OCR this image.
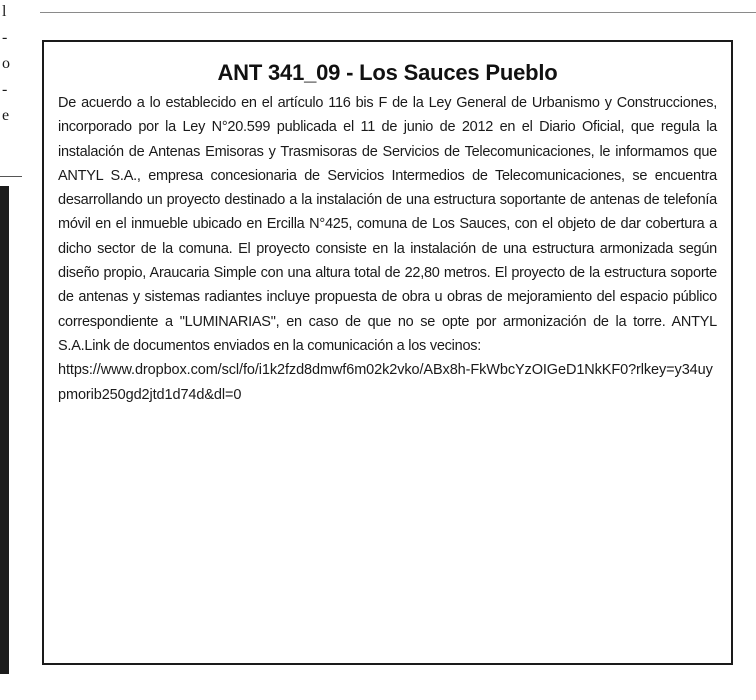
l
-
o
-
e
ANT 341_09 - Los Sauces Pueblo

De acuerdo a lo establecido en el artículo 116 bis F de la Ley General de Urbanismo y Construcciones, incorporado por la Ley N°20.599 publicada el 11 de junio de 2012 en el Diario Oficial, que regula la instalación de Antenas Emisoras y Trasmisoras de Servicios de Telecomunicaciones, le informamos que ANTYL S.A., empresa concesionaria de Servicios Intermedios de Telecomunicaciones, se encuentra desarrollando un proyecto destinado a la instalación de una estructura soportante de antenas de telefonía móvil en el inmueble ubicado en Ercilla N°425, comuna de Los Sauces, con el objeto de dar cobertura a dicho sector de la comuna. El proyecto consiste en la instalación de una estructura armonizada según diseño propio, Araucaria Simple con una altura total de 22,80 metros. El proyecto de la estructura soporte de antenas y sistemas radiantes incluye propuesta de obra u obras de mejoramiento del espacio público correspondiente a "LUMINARIAS", en caso de que no se opte por armonización de la torre. ANTYL S.A.Link de documentos enviados en la comunicación a los vecinos:

https://www.dropbox.com/scl/fo/i1k2fzd8dmwf6m02k2vko/ABx8h-FkWbcYzOIGeD1NkKF0?rlkey=y34uypmorib250gd2jtd1d74d&dl=0
